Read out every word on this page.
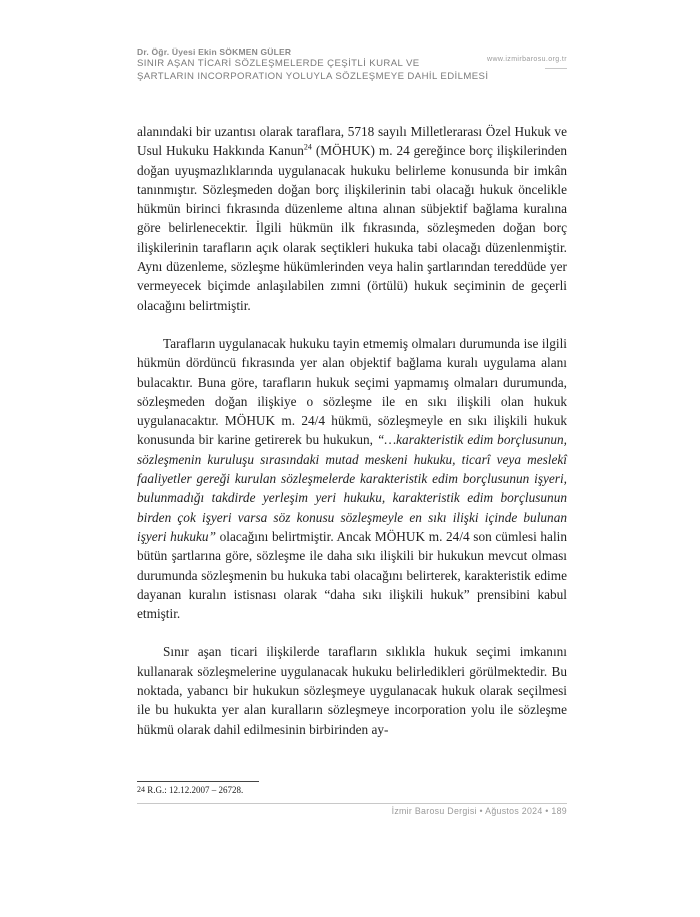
Dr. Öğr. Üyesi Ekin SÖKMEN GÜLER
SINIR AŞAN TİCARİ SÖZLEŞMELERDE ÇEŞİTLİ KURAL VE
ŞARTLARIN INCORPORATION YOLUYLA SÖZLEŞMEYE DAHİL EDİLMESİ
www.izmirbarosu.org.tr

alanındaki bir uzantısı olarak taraflara, 5718 sayılı Milletlerarası Özel Hukuk ve Usul Hukuku Hakkında Kanun$^{24}$ (MÖHUK) m. 24 gereğince borç ilişkilerinden doğan uyuşmazlıklarında uygulanacak hukuku belirleme konusunda bir imkân tanınmıştır. Sözleşmeden doğan borç ilişkilerinin tabi olacağı hukuk öncelikle hükmün birinci fıkrasında düzenleme altına alınan sübjektif bağlama kuralına göre belirlenecektir. İlgili hükmün ilk fıkrasında, sözleşmeden doğan borç ilişkilerinin tarafların açık olarak seçtikleri hukuka tabi olacağı düzenlenmiştir. Aynı düzenleme, sözleşme hükümlerinden veya halin şartlarından tereddüde yer vermeyecek biçimde anlaşılabilen zımni (örtülü) hukuk seçiminin de geçerli olacağını belirtmiştir.

Tarafların uygulanacak hukuku tayin etmemiş olmaları durumunda ise ilgili hükmün dördüncü fıkrasında yer alan objektif bağlama kuralı uygulama alanı bulacaktır. Buna göre, tarafların hukuk seçimi yapmamış olmaları durumunda, sözleşmeden doğan ilişkiye o sözleşme ile en sıkı ilişkili olan hukuk uygulanacaktır. MÖHUK m. 24/4 hükmü, sözleşmeyle en sıkı ilişkili hukuk konusunda bir karine getirerek bu hukukun, “…karakteristik edim borçlusunun, sözleşmenin kuruluşu sırasındaki mutad meskeni hukuku, ticarî veya meslekî faaliyetler gereği kurulan sözleşmelerde karakteristik edim borçlusunun işyeri, bulunmadığı takdirde yerleşim yeri hukuku, karakteristik edim borçlusunun birden çok işyeri varsa söz konusu sözleşmeyle en sıkı ilişki içinde bulunan işyeri hukuku” olacağını belirtmiştir. Ancak MÖHUK m. 24/4 son cümlesi halin bütün şartlarına göre, sözleşme ile daha sıkı ilişkili bir hukukun mevcut olması durumunda sözleşmenin bu hukuka tabi olacağını belirterek, karakteristik edime dayanan kuralın istisnası olarak “daha sıkı ilişkili hukuk” prensibini kabul etmiştir.

Sınır aşan ticari ilişkilerde tarafların sıklıkla hukuk seçimi imkanını kullanarak sözleşmelerine uygulanacak hukuku belirledikleri görülmektedir. Bu noktada, yabancı bir hukukun sözleşmeye uygulanacak hukuk olarak seçilmesi ile bu hukukta yer alan kuralların sözleşmeye incorporation yolu ile sözleşme hükmü olarak dahil edilmesinin birbirinden ay-

24 R.G.: 12.12.2007 – 26728.
İzmir Barosu Dergisi • Ağustos 2024 • 189
